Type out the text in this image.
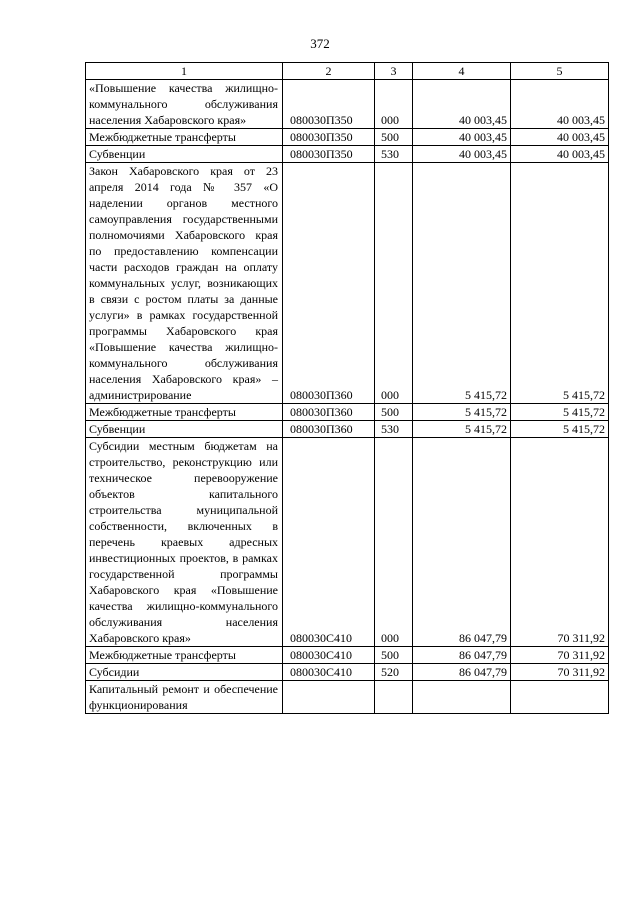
372
1	2	3	4	5
«Повышение качества жилищно-коммунального обслуживания населения Хабаровского края»	080030П350	000	40 003,45	40 003,45
Межбюджетные трансферты	080030П350	500	40 003,45	40 003,45
Субвенции	080030П350	530	40 003,45	40 003,45
Закон Хабаровского края от 23 апреля 2014 года № 357 «О наделении органов местного самоуправления государственными полномочиями Хабаровского края по предоставлению компенсации части расходов граждан на оплату коммунальных услуг, возникающих в связи с ростом платы за данные услуги» в рамках государственной программы Хабаровского края «Повышение качества жилищно-коммунального обслуживания населения Хабаровского края» – администрирование	080030П360	000	5 415,72	5 415,72
Межбюджетные трансферты	080030П360	500	5 415,72	5 415,72
Субвенции	080030П360	530	5 415,72	5 415,72
Субсидии местным бюджетам на строительство, реконструкцию или техническое перевооружение объектов капитального строительства муниципальной собственности, включенных в перечень краевых адресных инвестиционных проектов, в рамках государственной программы Хабаровского края «Повышение качества жилищно-коммунального обслуживания населения Хабаровского края»	080030С410	000	86 047,79	70 311,92
Межбюджетные трансферты	080030С410	500	86 047,79	70 311,92
Субсидии	080030С410	520	86 047,79	70 311,92
Капитальный ремонт и обеспечение функционирования				
